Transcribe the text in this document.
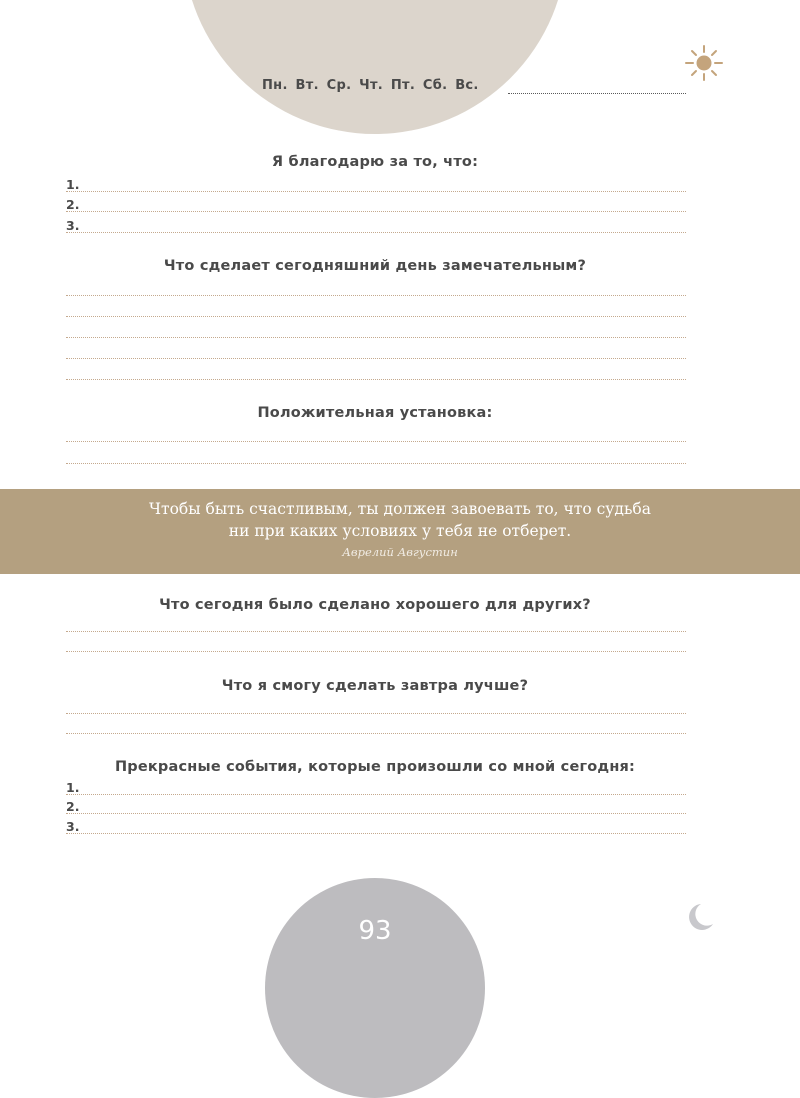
Пн. Вт. Ср. Чт. Пт. Сб. Вс.
Я благодарю за то, что:
1.
2.
3.
Что сделает сегодняшний день замечательным?
Положительная установка:
Чтобы быть счастливым, ты должен завоевать то, что судьба
ни при каких условиях у тебя не отберет.
Аврелий Августин
Что сегодня было сделано хорошего для других?
Что я смогу сделать завтра лучше?
Прекрасные события, которые произошли со мной сегодня:
1.
2.
3.
93
